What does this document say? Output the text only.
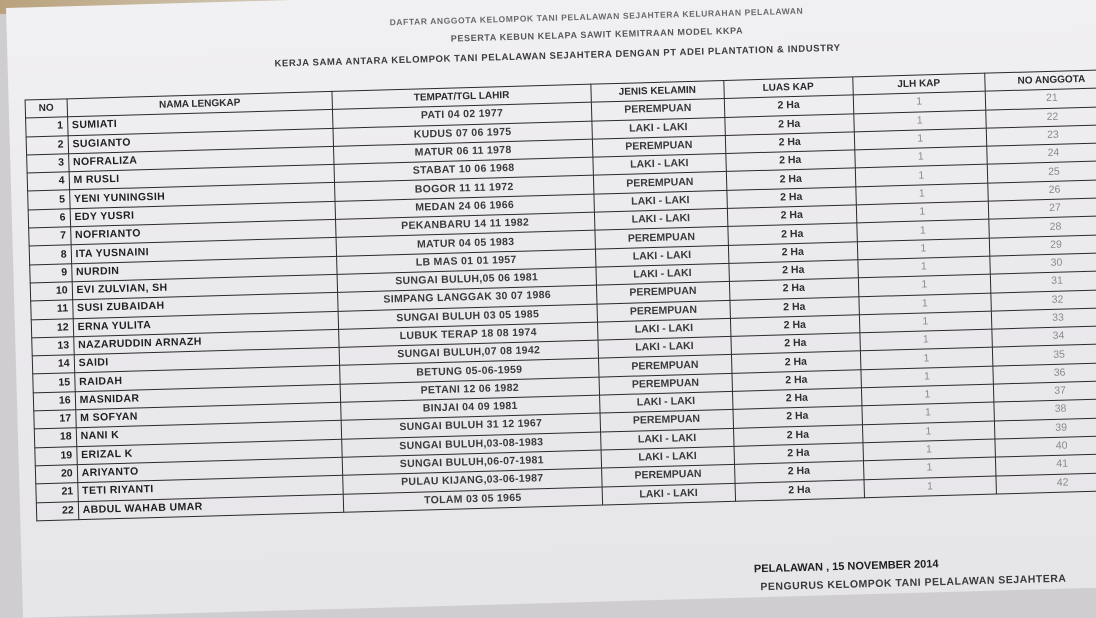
DAFTAR ANGGOTA KELOMPOK TANI PELALAWAN SEJAHTERA KELURAHAN PELALAWAN
PESERTA KEBUN KELAPA SAWIT KEMITRAAN MODEL KKPA
KERJA SAMA ANTARA KELOMPOK TANI PELALAWAN SEJAHTERA DENGAN PT ADEI PLANTATION & INDUSTRY
NO	NAMA LENGKAP	TEMPAT/TGL LAHIR	JENIS KELAMIN	LUAS KAP	JLH KAP	NO ANGGOTA
1	SUMIATI	PATI 04 02 1977	PEREMPUAN	2 Ha	1	21
2	SUGIANTO	KUDUS 07 06 1975	LAKI - LAKI	2 Ha	1	22
3	NOFRALIZA	MATUR 06 11 1978	PEREMPUAN	2 Ha	1	23
4	M RUSLI	STABAT 10 06 1968	LAKI - LAKI	2 Ha	1	24
5	YENI YUNINGSIH	BOGOR 11 11 1972	PEREMPUAN	2 Ha	1	25
6	EDY YUSRI	MEDAN 24 06 1966	LAKI - LAKI	2 Ha	1	26
7	NOFRIANTO	PEKANBARU 14 11 1982	LAKI - LAKI	2 Ha	1	27
8	ITA YUSNAINI	MATUR 04 05 1983	PEREMPUAN	2 Ha	1	28
9	NURDIN	LB MAS 01 01 1957	LAKI - LAKI	2 Ha	1	29
10	EVI ZULVIAN, SH	SUNGAI BULUH,05 06 1981	LAKI - LAKI	2 Ha	1	30
11	SUSI ZUBAIDAH	SIMPANG LANGGAK 30 07 1986	PEREMPUAN	2 Ha	1	31
12	ERNA YULITA	SUNGAI BULUH 03 05 1985	PEREMPUAN	2 Ha	1	32
13	NAZARUDDIN ARNAZH	LUBUK TERAP 18 08 1974	LAKI - LAKI	2 Ha	1	33
14	SAIDI	SUNGAI BULUH,07 08 1942	LAKI - LAKI	2 Ha	1	34
15	RAIDAH	BETUNG 05-06-1959	PEREMPUAN	2 Ha	1	35
16	MASNIDAR	PETANI 12 06 1982	PEREMPUAN	2 Ha	1	36
17	M SOFYAN	BINJAI 04 09 1981	LAKI - LAKI	2 Ha	1	37
18	NANI K	SUNGAI BULUH 31 12 1967	PEREMPUAN	2 Ha	1	38
19	ERIZAL K	SUNGAI BULUH,03-08-1983	LAKI - LAKI	2 Ha	1	39
20	ARIYANTO	SUNGAI BULUH,06-07-1981	LAKI - LAKI	2 Ha	1	40
21	TETI RIYANTI	PULAU KIJANG,03-06-1987	PEREMPUAN	2 Ha	1	41
22	ABDUL WAHAB UMAR	TOLAM 03 05 1965	LAKI - LAKI	2 Ha	1	42
PELALAWAN , 15 NOVEMBER 2014
PENGURUS KELOMPOK TANI PELALAWAN SEJAHTERA
